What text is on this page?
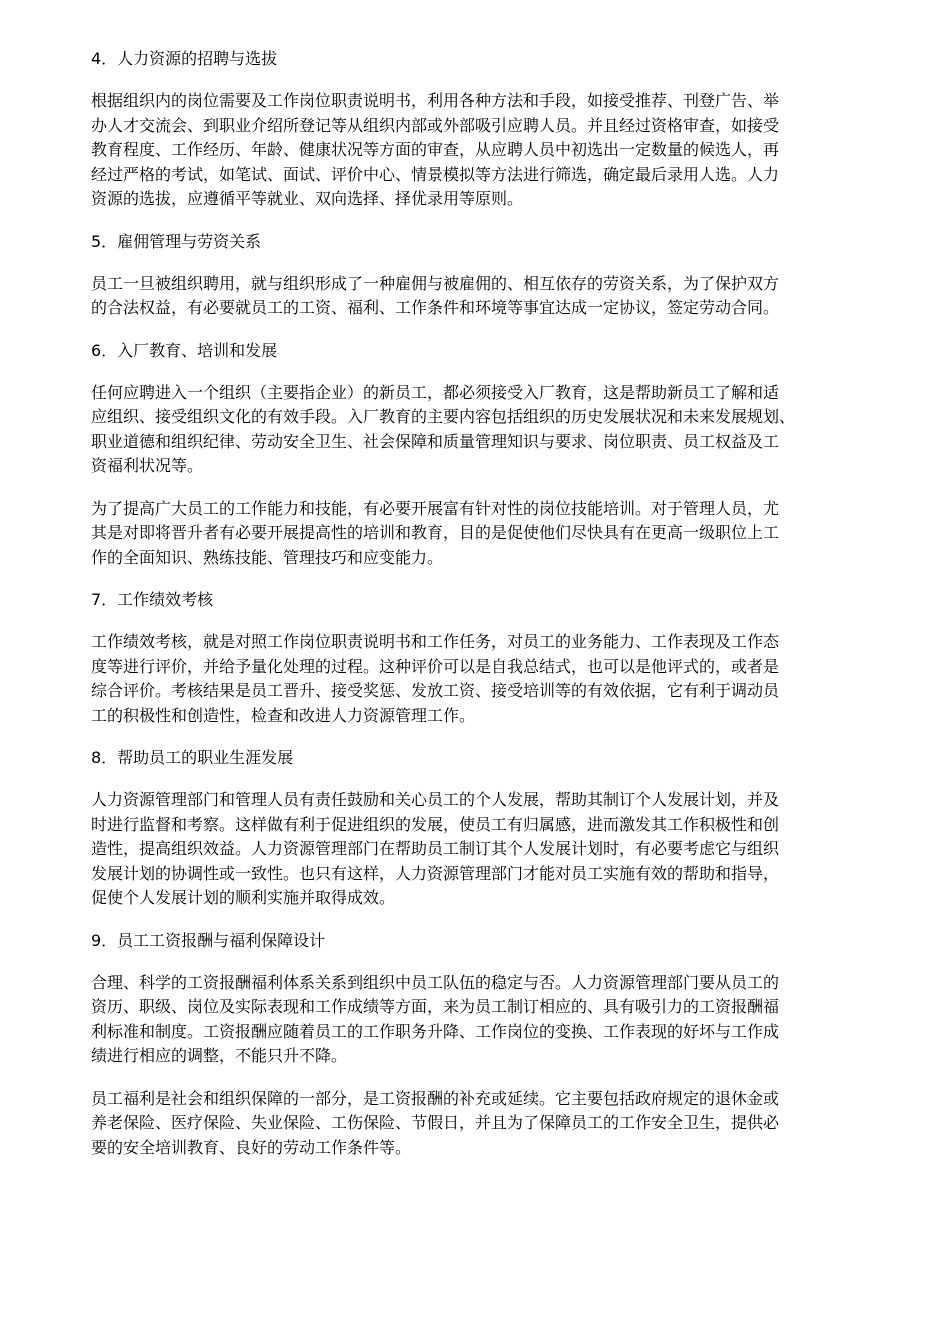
4．人力资源的招聘与选拔
根据组织内的岗位需要及工作岗位职责说明书，利用各种方法和手段，如接受推荐、刊登广告、举
办人才交流会、到职业介绍所登记等从组织内部或外部吸引应聘人员。并且经过资格审查，如接受
教育程度、工作经历、年龄、健康状况等方面的审查，从应聘人员中初选出一定数量的候选人，再
经过严格的考试，如笔试、面试、评价中心、情景模拟等方法进行筛选，确定最后录用人选。人力
资源的选拔，应遵循平等就业、双向选择、择优录用等原则。
5．雇佣管理与劳资关系
员工一旦被组织聘用，就与组织形成了一种雇佣与被雇佣的、相互依存的劳资关系，为了保护双方
的合法权益，有必要就员工的工资、福利、工作条件和环境等事宜达成一定协议，签定劳动合同。
6．入厂教育、培训和发展
任何应聘进入一个组织（主要指企业）的新员工，都必须接受入厂教育，这是帮助新员工了解和适
应组织、接受组织文化的有效手段。入厂教育的主要内容包括组织的历史发展状况和未来发展规划、
职业道德和组织纪律、劳动安全卫生、社会保障和质量管理知识与要求、岗位职责、员工权益及工
资福利状况等。
为了提高广大员工的工作能力和技能，有必要开展富有针对性的岗位技能培训。对于管理人员，尤
其是对即将晋升者有必要开展提高性的培训和教育，目的是促使他们尽快具有在更高一级职位上工
作的全面知识、熟练技能、管理技巧和应变能力。
7．工作绩效考核
工作绩效考核，就是对照工作岗位职责说明书和工作任务，对员工的业务能力、工作表现及工作态
度等进行评价，并给予量化处理的过程。这种评价可以是自我总结式，也可以是他评式的，或者是
综合评价。考核结果是员工晋升、接受奖惩、发放工资、接受培训等的有效依据，它有利于调动员
工的积极性和创造性，检查和改进人力资源管理工作。
8．帮助员工的职业生涯发展
人力资源管理部门和管理人员有责任鼓励和关心员工的个人发展，帮助其制订个人发展计划，并及
时进行监督和考察。这样做有利于促进组织的发展，使员工有归属感，进而激发其工作积极性和创
造性，提高组织效益。人力资源管理部门在帮助员工制订其个人发展计划时，有必要考虑它与组织
发展计划的协调性或一致性。也只有这样，人力资源管理部门才能对员工实施有效的帮助和指导，
促使个人发展计划的顺利实施并取得成效。
9．员工工资报酬与福利保障设计
合理、科学的工资报酬福利体系关系到组织中员工队伍的稳定与否。人力资源管理部门要从员工的
资历、职级、岗位及实际表现和工作成绩等方面，来为员工制订相应的、具有吸引力的工资报酬福
利标准和制度。工资报酬应随着员工的工作职务升降、工作岗位的变换、工作表现的好坏与工作成
绩进行相应的调整，不能只升不降。
员工福利是社会和组织保障的一部分，是工资报酬的补充或延续。它主要包括政府规定的退休金或
养老保险、医疗保险、失业保险、工伤保险、节假日，并且为了保障员工的工作安全卫生，提供必
要的安全培训教育、良好的劳动工作条件等。
